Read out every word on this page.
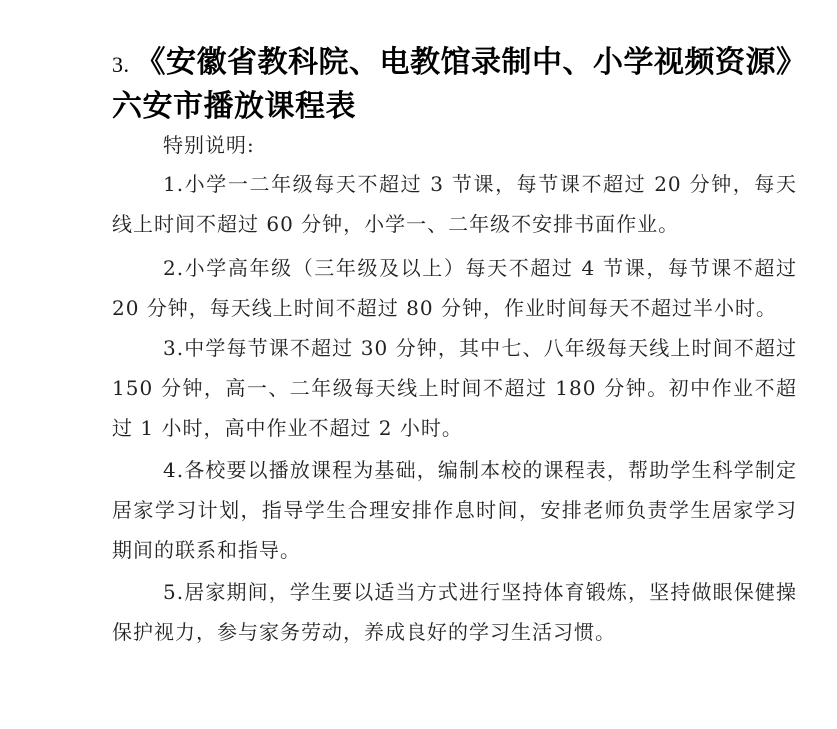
3. 《安徽省教科院、电教馆录制中、小学视频资源》六安市播放课程表
特别说明:
1.小学一二年级每天不超过 3 节课，每节课不超过 20 分钟，每天线上时间不超过 60 分钟，小学一、二年级不安排书面作业。
2.小学高年级（三年级及以上）每天不超过 4 节课，每节课不超过 20 分钟，每天线上时间不超过 80 分钟，作业时间每天不超过半小时。
3.中学每节课不超过 30 分钟，其中七、八年级每天线上时间不超过 150 分钟，高一、二年级每天线上时间不超过 180 分钟。初中作业不超过 1 小时，高中作业不超过 2 小时。
4.各校要以播放课程为基础，编制本校的课程表，帮助学生科学制定居家学习计划，指导学生合理安排作息时间，安排老师负责学生居家学习期间的联系和指导。
5.居家期间，学生要以适当方式进行坚持体育锻炼，坚持做眼保健操保护视力，参与家务劳动，养成良好的学习生活习惯。
